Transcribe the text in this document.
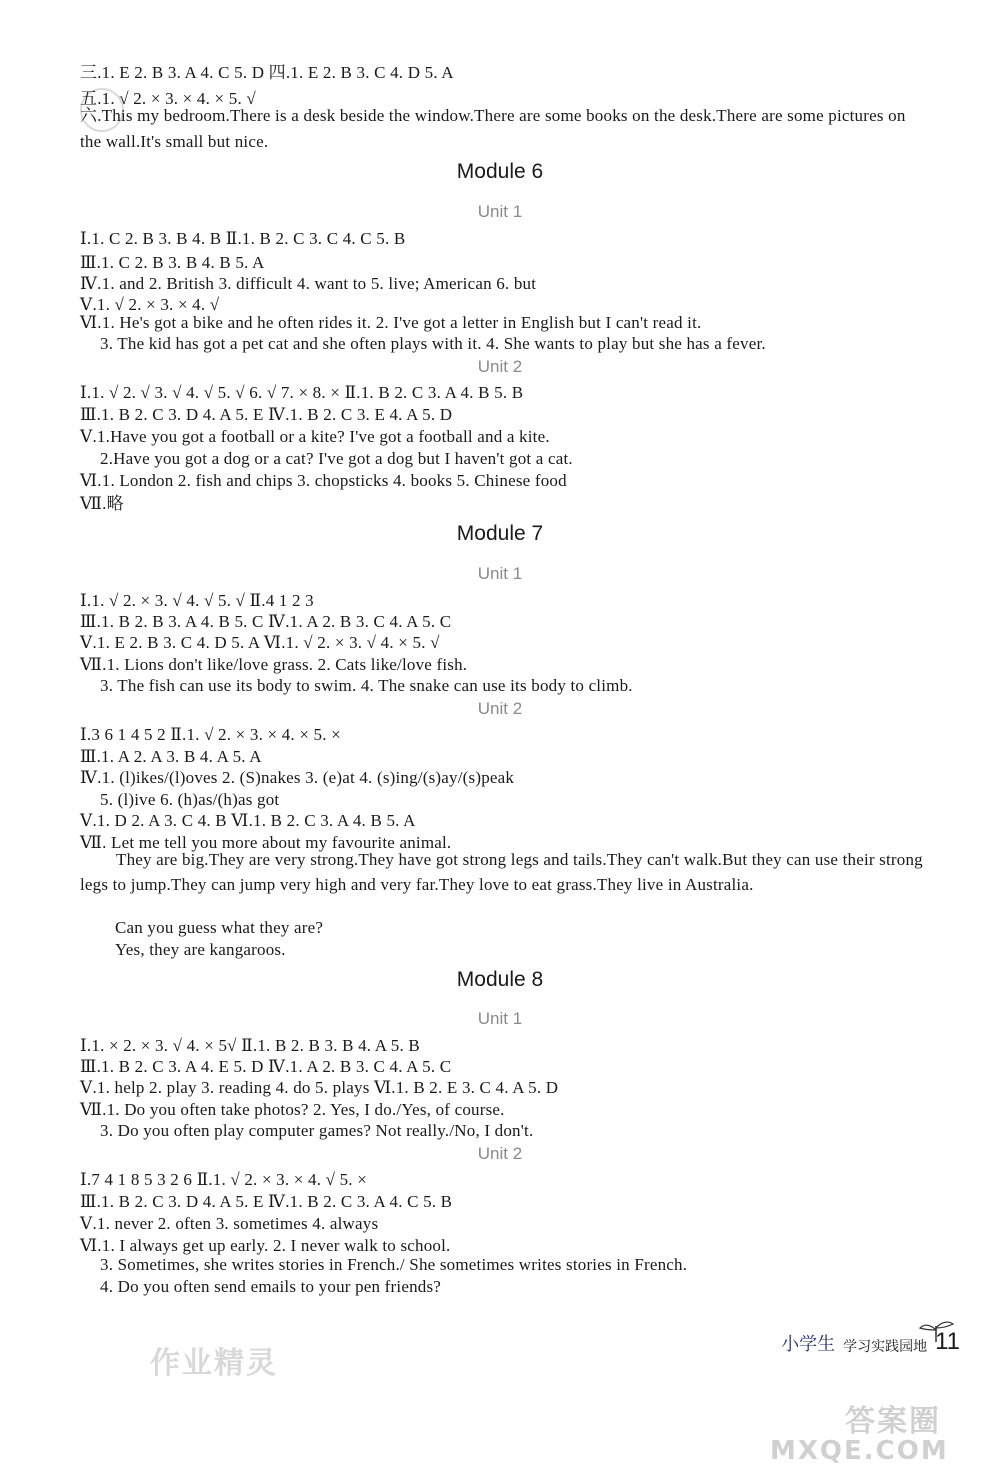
三.1. E 2. B 3. A 4. C 5. D 四.1. E 2. B 3. C 4. D 5. A
五.1. √ 2. × 3. × 4. × 5. √
六.This my bedroom.There is a desk beside the window.There are some books on the desk.There are some pictures on the wall.It's small but nice.
Module 6
Unit 1
Ⅰ.1. C 2. B 3. B 4. B Ⅱ.1. B 2. C 3. C 4. C 5. B
Ⅲ.1. C 2. B 3. B 4. B 5. A
Ⅳ.1. and 2. British 3. difficult 4. want to 5. live; American 6. but
Ⅴ.1. √ 2. × 3. × 4. √
Ⅵ.1. He's got a bike and he often rides it. 2. I've got a letter in English but I can't read it.
3. The kid has got a pet cat and she often plays with it. 4. She wants to play but she has a fever.
Unit 2
Ⅰ.1. √ 2. √ 3. √ 4. √ 5. √ 6. √ 7. × 8. × Ⅱ.1. B 2. C 3. A 4. B 5. B
Ⅲ.1. B 2. C 3. D 4. A 5. E Ⅳ.1. B 2. C 3. E 4. A 5. D
Ⅴ.1.Have you got a football or a kite? I've got a football and a kite.
2.Have you got a dog or a cat? I've got a dog but I haven't got a cat.
Ⅵ.1. London 2. fish and chips 3. chopsticks 4. books 5. Chinese food
Ⅶ.略
Module 7
Unit 1
Ⅰ.1. √ 2. × 3. √ 4. √ 5. √ Ⅱ.4 1 2 3
Ⅲ.1. B 2. B 3. A 4. B 5. C Ⅳ.1. A 2. B 3. C 4. A 5. C
Ⅴ.1. E 2. B 3. C 4. D 5. A Ⅵ.1. √ 2. × 3. √ 4. × 5. √
Ⅶ.1. Lions don't like/love grass. 2. Cats like/love fish.
3. The fish can use its body to swim. 4. The snake can use its body to climb.
Unit 2
Ⅰ.3 6 1 4 5 2 Ⅱ.1. √ 2. × 3. × 4. × 5. ×
Ⅲ.1. A 2. A 3. B 4. A 5. A
Ⅳ.1. (l)ikes/(l)oves 2. (S)nakes 3. (e)at 4. (s)ing/(s)ay/(s)peak
5. (l)ive 6. (h)as/(h)as got
Ⅴ.1. D 2. A 3. C 4. B Ⅵ.1. B 2. C 3. A 4. B 5. A
Ⅶ. Let me tell you more about my favourite animal.
They are big.They are very strong.They have got strong legs and tails.They can't walk.But they can use their strong legs to jump.They can jump very high and very far.They love to eat grass.They live in Australia.
Can you guess what they are?
Yes, they are kangaroos.
Module 8
Unit 1
Ⅰ.1. × 2. × 3. √ 4. × 5√ Ⅱ.1. B 2. B 3. B 4. A 5. B
Ⅲ.1. B 2. C 3. A 4. E 5. D Ⅳ.1. A 2. B 3. C 4. A 5. C
Ⅴ.1. help 2. play 3. reading 4. do 5. plays Ⅵ.1. B 2. E 3. C 4. A 5. D
Ⅶ.1. Do you often take photos? 2. Yes, I do./Yes, of course.
3. Do you often play computer games? Not really./No, I don't.
Unit 2
Ⅰ.7 4 1 8 5 3 2 6 Ⅱ.1. √ 2. × 3. × 4. √ 5. ×
Ⅲ.1. B 2. C 3. D 4. A 5. E Ⅳ.1. B 2. C 3. A 4. C 5. B
Ⅴ.1. never 2. often 3. sometimes 4. always
Ⅵ.1. I always get up early. 2. I never walk to school.
3. Sometimes, she writes stories in French./ She sometimes writes stories in French.
4. Do you often send emails to your pen friends?
作业精灵
答案圈
MXQE.COM
小学生 学习实践园地 11
